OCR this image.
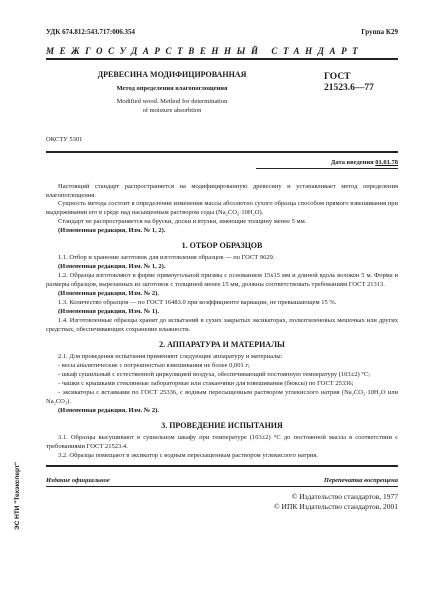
УДК 674.812:543.717:006.354	Группа К29
МЕЖГОСУДАРСТВЕННЫЙ СТАНДАРТ
ДРЕВЕСИНА МОДИФИЦИРОВАННАЯ
Метод определения влагопоглощения
Modified wood. Method for determination
of moisture absorbtion
ГОСТ
21523.6—77
ОКСТУ 5301
Дата введения 01.01.78

Настоящий стандарт распространяется на модифицированную древесину и устанавливает метод определения влагопоглощения.

Сущность метода состоит в определении изменения массы абсолютно сухого образца способом прямого взвешивания при выдерживании его в среде над насыщенным раствором соды (Na₂CO₃·10H₂O).

Стандарт не распространяется на бруски, доски и втулки, имеющие толщину менее 5 мм.

(Измененная редакция, Изм. № 1, 2).

1. ОТБОР ОБРАЗЦОВ

1.1. Отбор и хранение заготовок для изготовления образцов — по ГОСТ 9629.

(Измененная редакция, Изм. № 1, 2).

1.2. Образцы изготовляют в форме прямоугольной призмы с основанием 15х15 мм и длиной вдоль волокон 5 м. Форма и размеры образцов, вырезанных из заготовок с толщиной менее 15 мм, должны соответствовать требованиям ГОСТ 21313.

(Измененная редакция, Изм. № 2).

1.3. Количество образцов — по ГОСТ 16483.0 при коэффициенте вариации, не превышающем 15 %.

(Измененная редакция, Изм. № 1).

1.4. Изготовленные образцы хранят до испытаний в сухих закрытых эксикаторах, полиэтиленовых мешочках или других средствах, обеспечивающих сохранение влажности.

2. АППАРАТУРА И МАТЕРИАЛЫ

2.1. Для проведения испытания применяют следующие аппаратуру и материалы:

- весы аналитические с погрешностью взвешивания не более 0,001 г;

- шкаф сушильный с естественной циркуляцией воздуха, обеспечивающий постоянную температуру (103±2) °С;

- чашки с крышками стеклянные лабораторные или стаканчики для взвешивания (бюксы) по ГОСТ 25336;

- эксикаторы с вставками по ГОСТ 25336, с водным пересыщенным раствором углекислого натрия (Na₂CO₃·10H₂O или Na₂CO₃).

(Измененная редакция, Изм. № 2).

3. ПРОВЕДЕНИЕ ИСПЫТАНИЯ

3.1. Образцы высушивают в сушильном шкафу при температуре (103±2) °С до постоянной массы в соответствии с требованиями ГОСТ 21523.4.

3.2. Образцы помещают в эксикатор с водным пересыщенным раствором углекислого натрия.

Издание официальное	Перепечатка воспрещена
© Издательство стандартов, 1977
© ИПК Издательство стандартов, 2001
ЭС НТИ "Техэксперт"
